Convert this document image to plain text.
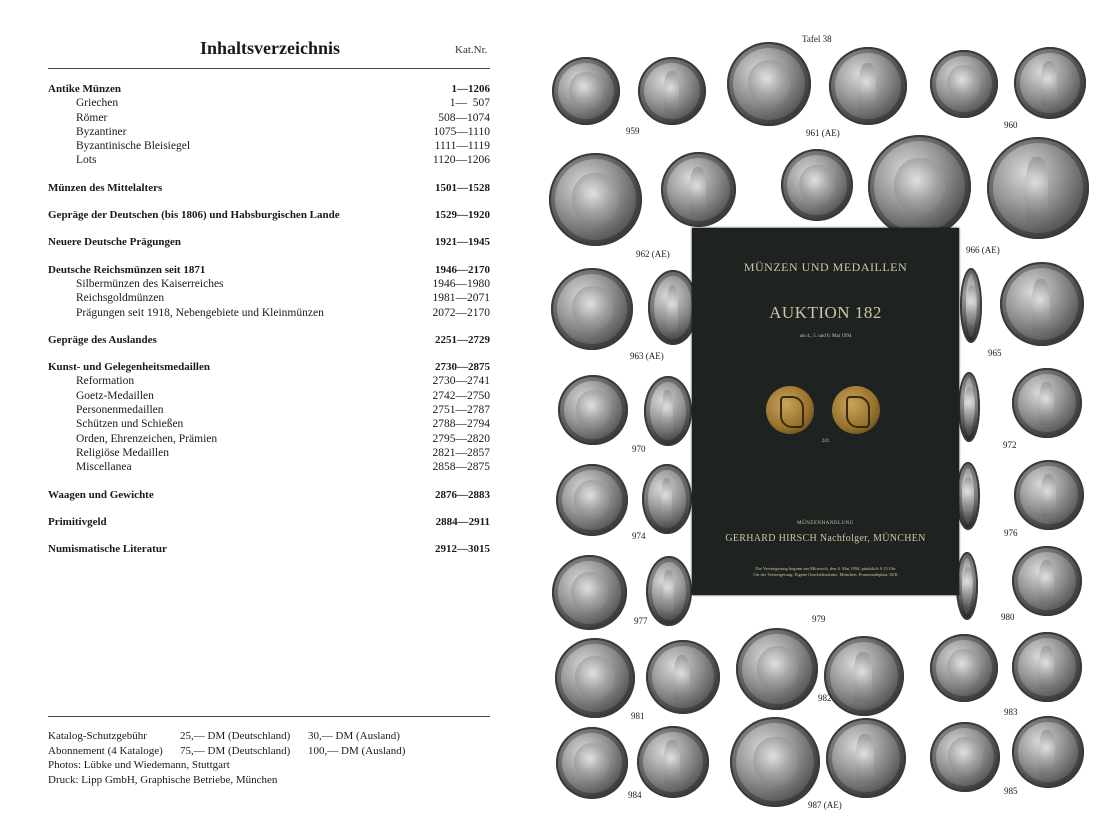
Inhaltsverzeichnis	Kat.Nr.
Antike Münzen	1—1206
Griechen	1—  507
Römer	508—1074
Byzantiner	1075—1110
Byzantinische Bleisiegel	1111—1119
Lots	1120—1206
Münzen des Mittelalters	1501—1528
Gepräge der Deutschen (bis 1806) und Habsburgischen Lande	1529—1920
Neuere Deutsche Prägungen	1921—1945
Deutsche Reichsmünzen seit 1871	1946—2170
Silbermünzen des Kaiserreiches	1946—1980
Reichsgoldmünzen	1981—2071
Prägungen seit 1918, Nebengebiete und Kleinmünzen	2072—2170
Gepräge des Auslandes	2251—2729
Kunst- und Gelegenheitsmedaillen	2730—2875
Reformation	2730—2741
Goetz-Medaillen	2742—2750
Personenmedaillen	2751—2787
Schützen und Schießen	2788—2794
Orden, Ehrenzeichen, Prämien	2795—2820
Religiöse Medaillen	2821—2857
Miscellanea	2858—2875
Waagen und Gewichte	2876—2883
Primitivgeld	2884—2911
Numismatische Literatur	2912—3015
Katalog-Schutzgebühr	25,— DM (Deutschland) 30,— DM (Ausland)
Abonnement (4 Kataloge) 75,— DM (Deutschland) 100,— DM (Ausland)
Photos: Lübke und Wiedemann, Stuttgart
Druck: Lipp GmbH, Graphische Betriebe, München
959	961 (AE)
960
962 (AE)	966 (AE)
963 (AE)	965
970	972
974	976
977	979	980
981
982
983
984
987 (AE)
985
Tafel 38
MÜNZEN UND MEDAILLEN
AUKTION 182
am 4., 5. und 6. Mai 1994
241
MÜNZENHANDLUNG
GERHARD HIRSCH Nachfolger, MÜNCHEN
Die Versteigerung beginnt am Mittwoch, den 4. Mai 1994, pünktlich 9.15 Uhr
Ort der Versteigerung: Eigene Geschäftsräume, München, Promenadeplatz 10/II
